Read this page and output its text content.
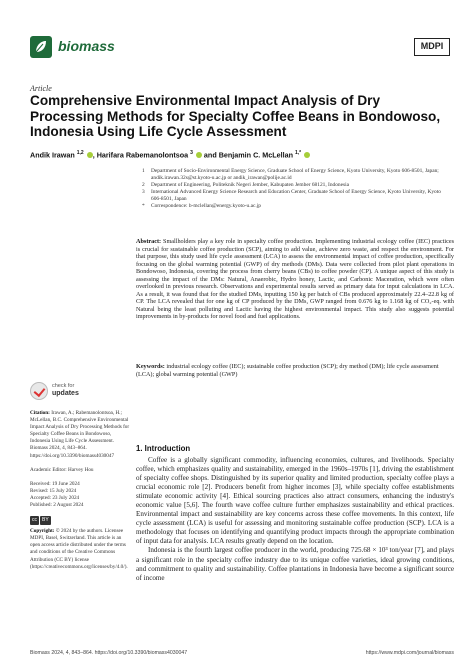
biomass	MDPI
Article
Comprehensive Environmental Impact Analysis of Dry Processing Methods for Specialty Coffee Beans in Bondowoso, Indonesia Using Life Cycle Assessment
Andik Irawan $^{1,2}$ , Harifara Rabemanolontsoa $^3$  and Benjamin C. McLellan $^{1,*}$
1	Department of Socio-Environmental Energy Science, Graduate School of Energy Science, Kyoto University, Kyoto 606-8501, Japan; andik.irawan.32s@st.kyoto-u.ac.jp or andik_irawan@polije.ac.id
2	Department of Engineering, Politeknik Negeri Jember, Kabupaten Jember 68121, Indonesia
3	International Advanced Energy Science Research and Education Center, Graduate School of Energy Science, Kyoto University, Kyoto 606-8501, Japan
*	Correspondence: b-mclellan@energy.kyoto-u.ac.jp
Abstract: Smallholders play a key role in specialty coffee production. Implementing industrial ecology coffee (IEC) practices is crucial for sustainable coffee production (SCP), aiming to add value, achieve zero waste, and respect the environment. For that purpose, this study used life cycle assessment (LCA) to assess the environmental impact of coffee production, specifically focusing on the global warming potential (GWP) of dry methods (DMs). Data were collected from pilot plant operations in Bondowoso, Indonesia, covering the process from cherry beans (CBs) to coffee powder (CP). A unique aspect of this study is assessing the impact of the DMs: Natural, Anaerobic, Hydro honey, Lactic, and Carbonic Maceration, which were often overlooked in previous research. Observations and experimental results served as primary data for input calculations in LCA. As a result, it was found that for the studied DMs, inputting 150 kg per batch of CBs produced approximately 22.4–22.8 kg of CP. The LCA revealed that for one kg of CP produced by the DMs, GWP ranged from 0.676 kg to 1.168 kg of CO₂-eq. with Natural being the least polluting and Lactic having the highest environmental impact. This study also suggests potential improvements in by-products for novel food and fuel applications.
Keywords: industrial ecology coffee (IEC); sustainable coffee production (SCP); dry method (DM); life cycle assessment (LCA); global warming potential (GWP)
check for
updates
Citation: Irawan, A.; Rabemanolontsoa, H.; McLellan, B.C. Comprehensive Environmental Impact Analysis of Dry Processing Methods for Specialty Coffee Beans in Bondowoso, Indonesia Using Life Cycle Assessment. Biomass 2024, 4, 843–864. https://doi.org/10.3390/biomass4030047
Academic Editor: Harvey Hou
Received: 19 June 2024
Revised: 15 July 2024
Accepted: 23 July 2024
Published: 2 August 2024
cc	BY
Copyright: © 2024 by the authors. Licensee MDPI, Basel, Switzerland. This article is an open access article distributed under the terms and conditions of the Creative Commons Attribution (CC BY) license (https://creativecommons.org/licenses/by/4.0/).
1. Introduction

Coffee is a globally significant commodity, influencing economies, cultures, and livelihoods. Specialty coffee, which emphasizes quality and sustainability, emerged in the 1960s–1970s [1], driving the establishment of specialty coffee shops. Distinguished by its superior quality and limited production, specialty coffee plays a crucial economic role [2]. Producers benefit from higher incomes [3], while specialty coffee establishments stimulate economic activity [4]. Ethical sourcing practices also attract consumers, enhancing the industry's economic value [5,6]. The fourth wave coffee culture further emphasizes sustainability and ethical practices. Environmental impact and sustainability are key concerns across these coffee movements. In this context, life cycle assessment (LCA) is useful for assessing and monitoring sustainable coffee production (SCP). LCA is a methodology that focuses on identifying and quantifying product impacts through the appropriate combination of input data for analysis. LCA results greatly depend on the location.

Indonesia is the fourth largest coffee producer in the world, producing 725.68 × 10³ ton/year [7], and plays a significant role in the specialty coffee industry due to its unique coffee varieties, ideal growing conditions, and commitment to quality and sustainability. Coffee plantations in Indonesia have become a significant source of income

Biomass 2024, 4, 843–864. https://doi.org/10.3390/biomass4030047	https://www.mdpi.com/journal/biomass
